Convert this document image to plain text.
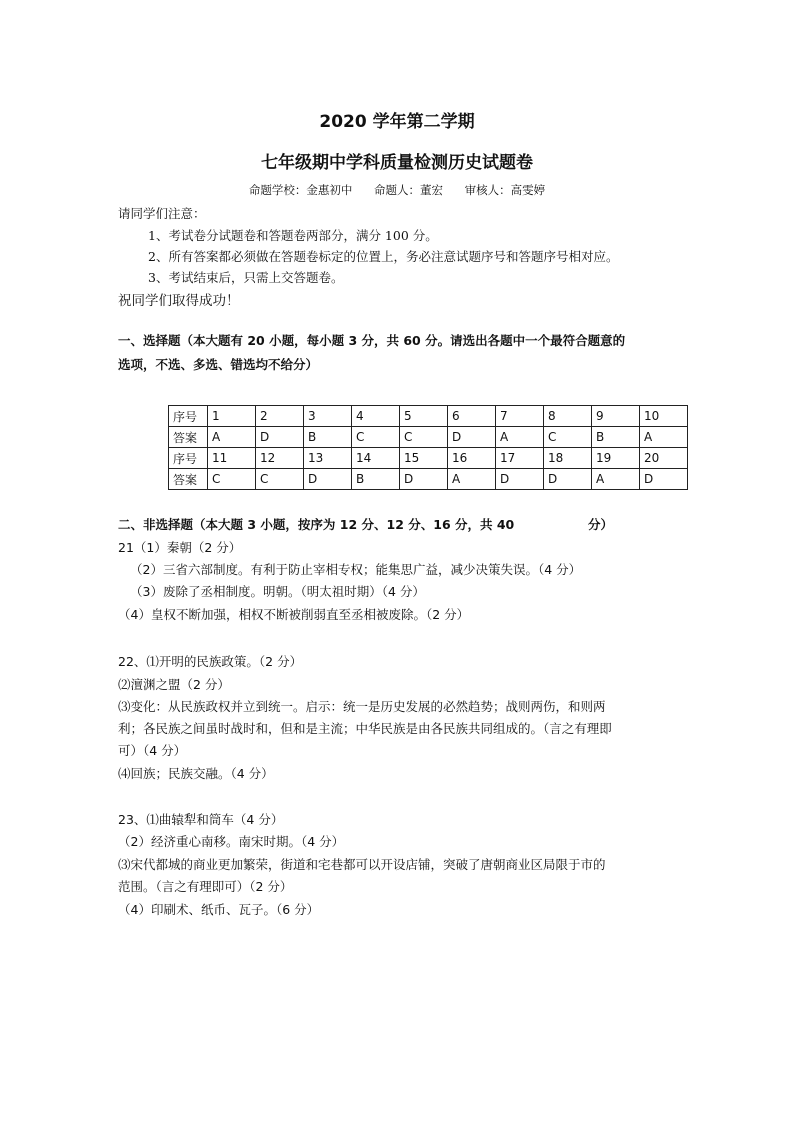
2020 学年第二学期
七年级期中学科质量检测历史试题卷
命题学校：金惠初中 命题人：董宏 审核人：高雯婷
请同学们注意：
1、考试卷分试题卷和答题卷两部分，满分 100 分。
2、所有答案都必须做在答题卷标定的位置上，务必注意试题序号和答题序号相对应。
3、考试结束后，只需上交答题卷。
祝同学们取得成功！
一、选择题（本大题有 20 小题，每小题 3 分，共 60 分。请选出各题中一个最符合题意的
选项，不选、多选、错选均不给分）
序号	1	2	3	4	5	6	7	8	9	10
答案	A	D	B	C	C	D	A	C	B	A
序号	11	12	13	14	15	16	17	18	19	20
答案	C	C	D	B	D	A	D	D	A	D
二、非选择题（本大题 3 小题，按序为 12 分、12 分、16 分，共 40	分）
21（1）秦朝（2 分）
（2）三省六部制度。有利于防止宰相专权；能集思广益，减少决策失误。（4 分）
（3）废除了丞相制度。明朝。（明太祖时期）（4 分）
（4）皇权不断加强，相权不断被削弱直至丞相被废除。（2 分）
22、⑴开明的民族政策。（2 分）
⑵澶渊之盟（2 分）
⑶变化：从民族政权并立到统一。启示：统一是历史发展的必然趋势；战则两伤，和则两
利；各民族之间虽时战时和，但和是主流；中华民族是由各民族共同组成的。（言之有理即
可）（4 分）
⑷回族；民族交融。（4 分）
23、⑴曲辕犁和筒车（4 分）
（2）经济重心南移。南宋时期。（4 分）
⑶宋代都城的商业更加繁荣，街道和宅巷都可以开设店铺，突破了唐朝商业区局限于市的
范围。（言之有理即可）（2 分）
（4）印刷术、纸币、瓦子。（6 分）
